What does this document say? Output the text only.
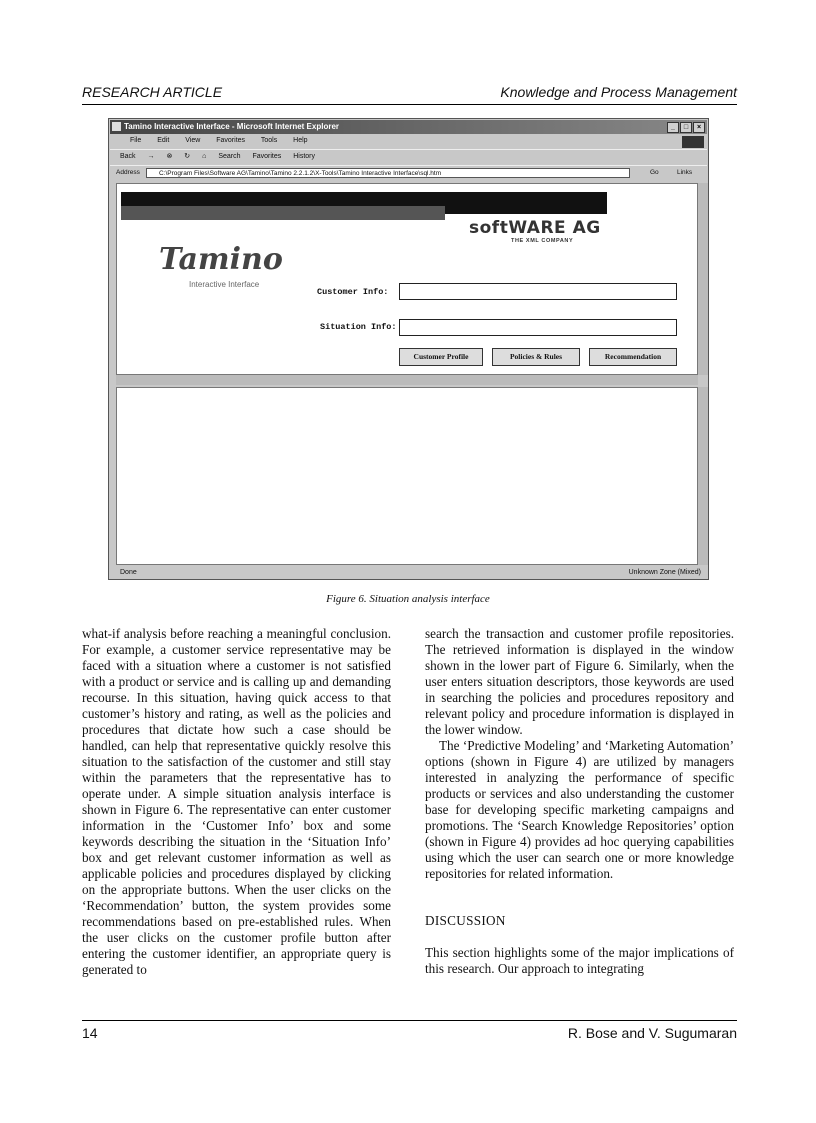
RESEARCH ARTICLE	Knowledge and Process Management
Tamino Interactive Interface - Microsoft Internet Explorer	_	□	×
File Edit View Favorites Tools Help
Back → ⊗ ↻ ⌂ Search Favorites History
Address	C:\Program Files\Software AG\Tamino\Tamino 2.2.1.2\X-Tools\Tamino Interactive Interface\sql.htm	Go	Links
softWARE AG
THE XML COMPANY
Tamino
Interactive Interface
Customer Info:
Situation Info:
Customer Profile	Policies & Rules	Recommendation
Done	Unknown Zone (Mixed)
Figure 6. Situation analysis interface

what-if analysis before reaching a meaningful conclusion. For example, a customer service representative may be faced with a situation where a customer is not satisfied with a product or service and is calling up and demanding recourse. In this situation, having quick access to that customer’s history and rating, as well as the policies and procedures that dictate how such a case should be handled, can help that representative quickly resolve this situation to the satisfaction of the customer and still stay within the parameters that the representative has to operate under. A simple situation analysis interface is shown in Figure 6. The representative can enter customer information in the ‘Customer Info’ box and some keywords describing the situation in the ‘Situation Info’ box and get relevant customer information as well as applicable policies and procedures displayed by clicking on the appropriate buttons. When the user clicks on the ‘Recommendation’ button, the system provides some recommendations based on pre-established rules. When the user clicks on the customer profile button after entering the customer identifier, an appropriate query is generated to

search the transaction and customer profile repositories. The retrieved information is displayed in the window shown in the lower part of Figure 6. Similarly, when the user enters situation descriptors, those keywords are used in searching the policies and procedures repository and relevant policy and procedure information is displayed in the lower window.

The ‘Predictive Modeling’ and ‘Marketing Automation’ options (shown in Figure 4) are utilized by managers interested in analyzing the performance of specific products or services and also understanding the customer base for developing specific marketing campaigns and promotions. The ‘Search Knowledge Repositories’ option (shown in Figure 4) provides ad hoc querying capabilities using which the user can search one or more knowledge repositories for related information.

DISCUSSION

This section highlights some of the major implications of this research. Our approach to integrating

14	R. Bose and V. Sugumaran
